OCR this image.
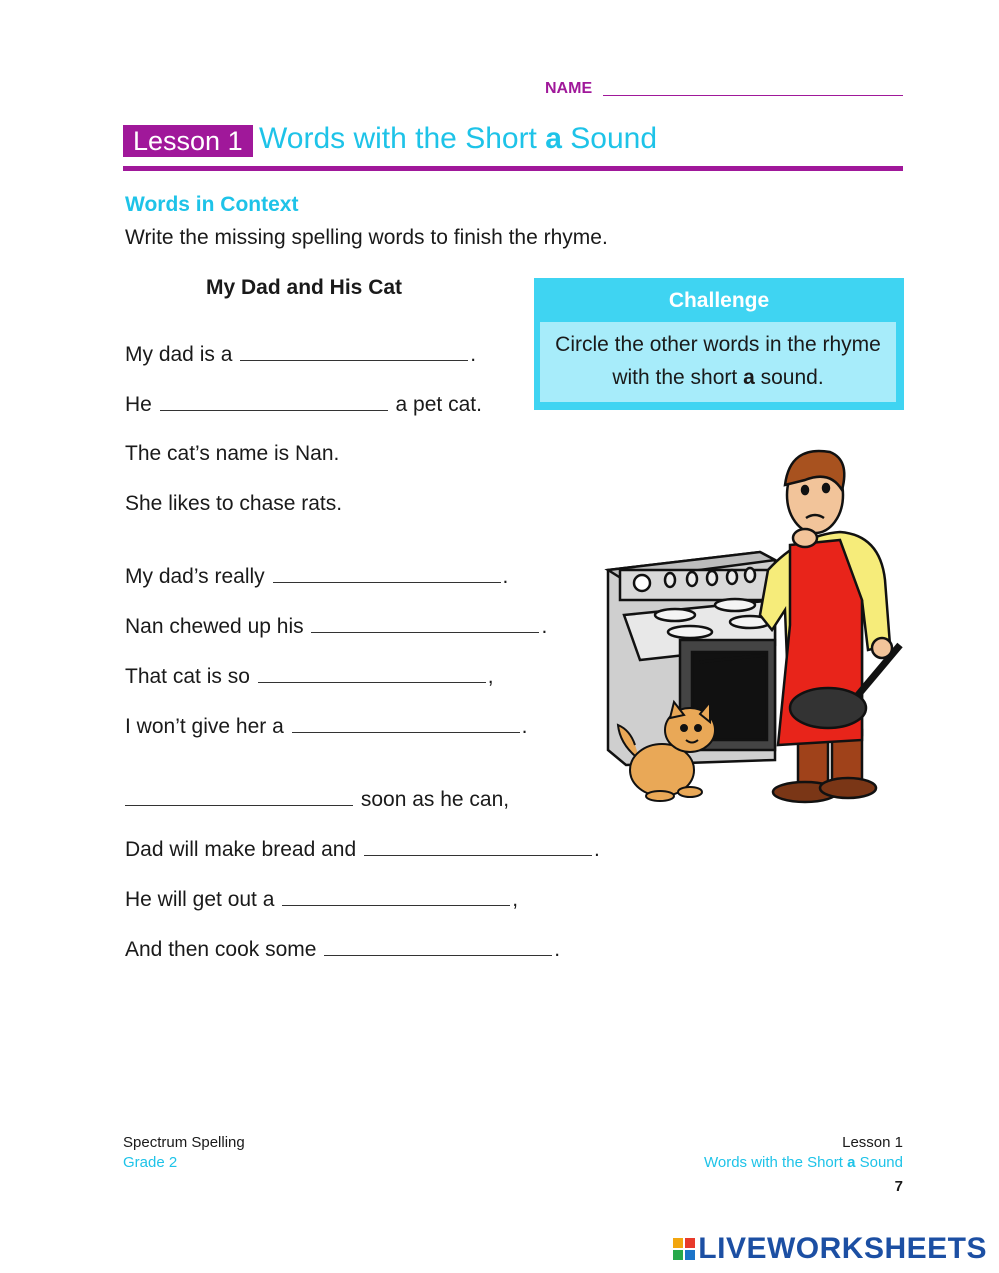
NAME
Lesson 1 Words with the Short a Sound
Words in Context
Write the missing spelling words to finish the rhyme.
My Dad and His Cat
My dad is a	.
He	a pet cat.
The cat’s name is Nan.
She likes to chase rats.
My dad’s really	.
Nan chewed up his	.
That cat is so	,
I won’t give her a	.
soon as he can,
Dad will make bread and	.
He will get out a	,
And then cook some	.
Challenge
Circle the other words in the rhyme with the short a sound.
Spectrum Spelling
Grade 2
Lesson 1
Words with the Short a Sound
7
LIVEWORKSHEETS
